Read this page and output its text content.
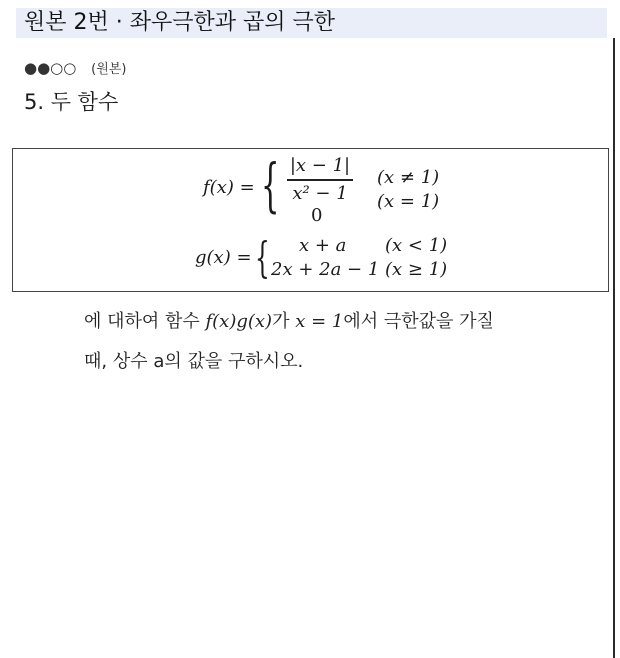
원본 2번 · 좌우극한과 곱의 극한
●●○○ (원본)
5. 두 함수
f(x) = { |x − 1|
x² − 1
0
(x ≠ 1)
(x = 1)
g(x) = { x + a
2x + 2a − 1
(x < 1)
(x ≥ 1)
에 대하여 함수 f(x)g(x)가 x = 1에서 극한값을 가질
때, 상수 a의 값을 구하시오.
